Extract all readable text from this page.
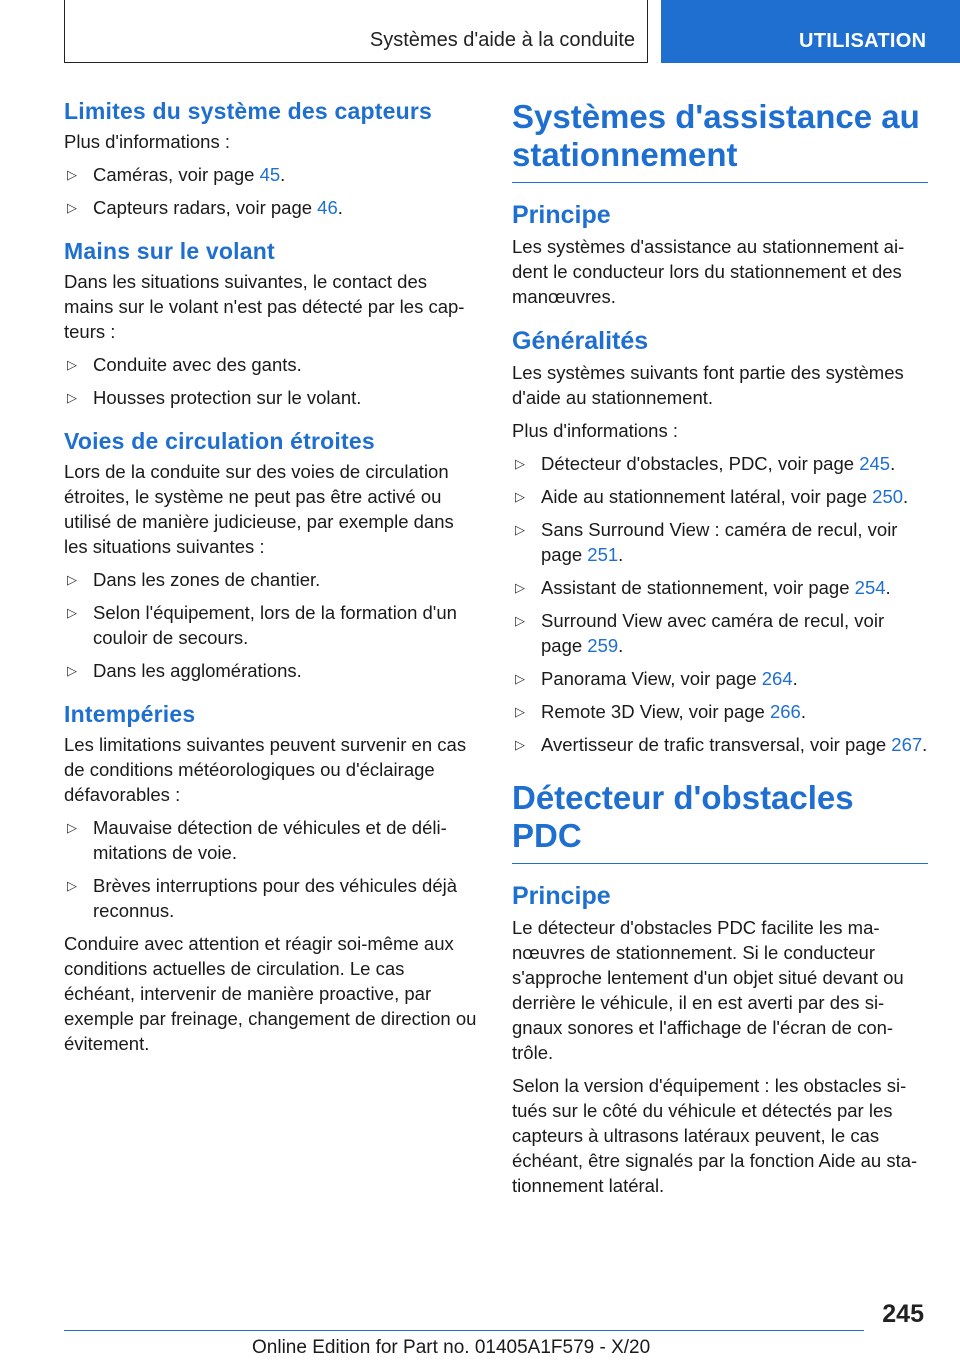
Systèmes d'aide à la conduite	UTILISATION
Limites du système des capteurs

Plus d'informations :

▷ Caméras, voir page 45.
▷ Capteurs radars, voir page 46.
Mains sur le volant

Dans les situations suivantes, le contact des mains sur le volant n'est pas détecté par les cap‐ teurs :

▷ Conduite avec des gants.
▷ Housses protection sur le volant.
Voies de circulation étroites

Lors de la conduite sur des voies de circulation étroites, le système ne peut pas être activé ou utilisé de manière judicieuse, par exemple dans les situations suivantes :

▷ Dans les zones de chantier.
▷ Selon l'équipement, lors de la formation d'un couloir de secours.
▷ Dans les agglomérations.
Intempéries

Les limitations suivantes peuvent survenir en cas de conditions météorologiques ou d'éclairage défavorables :

▷ Mauvaise détection de véhicules et de déli‐ mitations de voie.
▷ Brèves interruptions pour des véhicules déjà reconnus.

Conduire avec attention et réagir soi-même aux conditions actuelles de circulation. Le cas échéant, intervenir de manière proactive, par exemple par freinage, changement de direction ou évitement.

Systèmes d'assistance au stationnement
Principe

Les systèmes d'assistance au stationnement ai‐ dent le conducteur lors du stationnement et des manœuvres.

Généralités

Les systèmes suivants font partie des systèmes d'aide au stationnement.

Plus d'informations :

▷ Détecteur d'obstacles, PDC, voir page 245.
▷ Aide au stationnement latéral, voir page 250.
▷ Sans Surround View : caméra de recul, voir page 251.
▷ Assistant de stationnement, voir page 254.
▷ Surround View avec caméra de recul, voir page 259.
▷ Panorama View, voir page 264.
▷ Remote 3D View, voir page 266.
▷ Avertisseur de trafic transversal, voir page 267.
Détecteur d'obstacles PDC
Principe

Le détecteur d'obstacles PDC facilite les ma‐ nœuvres de stationnement. Si le conducteur s'approche lentement d'un objet situé devant ou derrière le véhicule, il en est averti par des si‐ gnaux sonores et l'affichage de l'écran de con‐ trôle.

Selon la version d'équipement : les obstacles si‐ tués sur le côté du véhicule et détectés par les capteurs à ultrasons latéraux peuvent, le cas échéant, être signalés par la fonction Aide au sta‐ tionnement latéral.

245
Online Edition for Part no. 01405A1F579 - X/20
